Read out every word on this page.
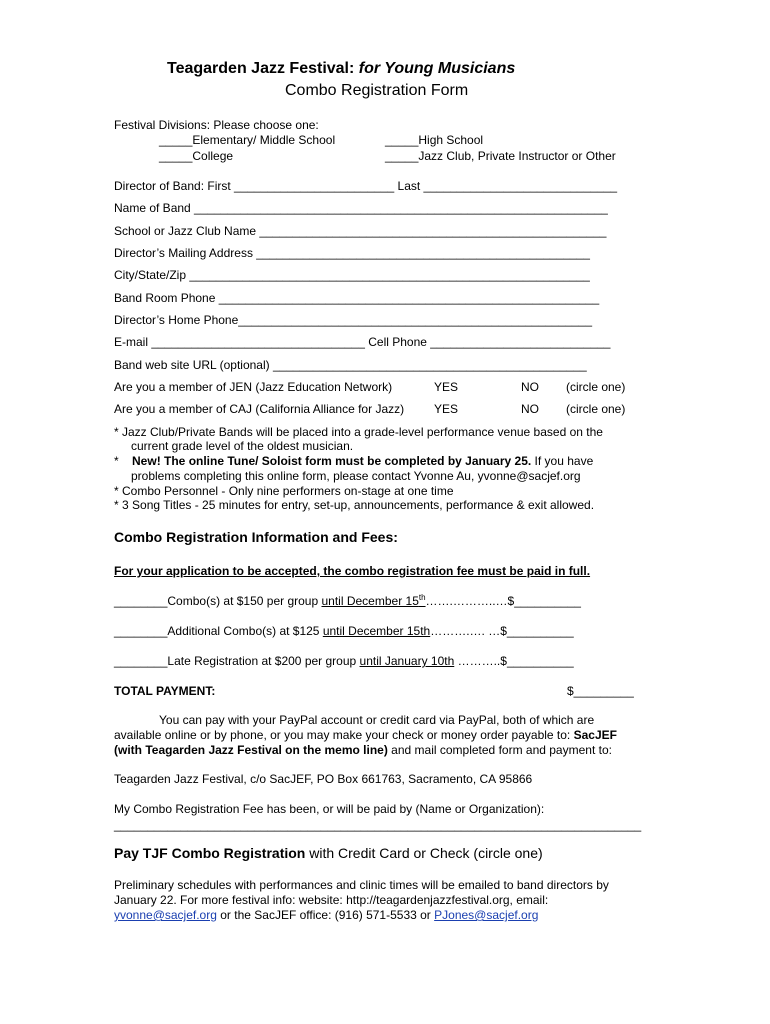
Teagarden Jazz Festival: for Young Musicians
Combo Registration Form
Festival Divisions: Please choose one:
_____Elementary/ Middle School	_____High School
_____College	_____Jazz Club, Private Instructor or Other
Director of Band: First ________________________ Last _____________________________
Name of Band ______________________________________________________________
School or Jazz Club Name ____________________________________________________
Director’s Mailing Address __________________________________________________
City/State/Zip ____________________________________________________________
Band Room Phone _________________________________________________________
Director’s Home Phone_____________________________________________________
E-mail ________________________________ Cell Phone ___________________________
Band web site URL (optional) _______________________________________________
Are you a member of JEN (Jazz Education Network)	YES	NO (circle one)
Are you a member of CAJ (California Alliance for Jazz) YES	NO (circle one)
* Jazz Club/Private Bands will be placed into a grade-level performance venue based on the
current grade level of the oldest musician.
*    New! The online Tune/ Soloist form must be completed by January 25. If you have
problems completing this online form, please contact Yvonne Au, yvonne@sacjef.org
* Combo Personnel - Only nine performers on-stage at one time
* 3 Song Titles - 25 minutes for entry, set-up, announcements, performance & exit allowed.
Combo Registration Information and Fees:
For your application to be accepted, the combo registration fee must be paid in full.
________Combo(s) at $150 per group until December 15th…….………..…$__________
________Additional Combo(s) at $125 until December 15th……….…. …$__________
________Late Registration at $200 per group until January 10th ………..$__________
TOTAL PAYMENT:	$_________
You can pay with your PayPal account or credit card via PayPal, both of which are
available online or by phone, or you may make your check or money order payable to: SacJEF
(with Teagarden Jazz Festival on the memo line) and mail completed form and payment to:
Teagarden Jazz Festival, c/o SacJEF, PO Box 661763, Sacramento, CA 95866
My Combo Registration Fee has been, or will be paid by (Name or Organization):
_______________________________________________________________________________
Pay TJF Combo Registration with Credit Card or Check (circle one)
Preliminary schedules with performances and clinic times will be emailed to band directors by
January 22. For more festival info: website: http://teagardenjazzfestival.org, email:
yvonne@sacjef.org or the SacJEF office: (916) 571-5533 or PJones@sacjef.org
